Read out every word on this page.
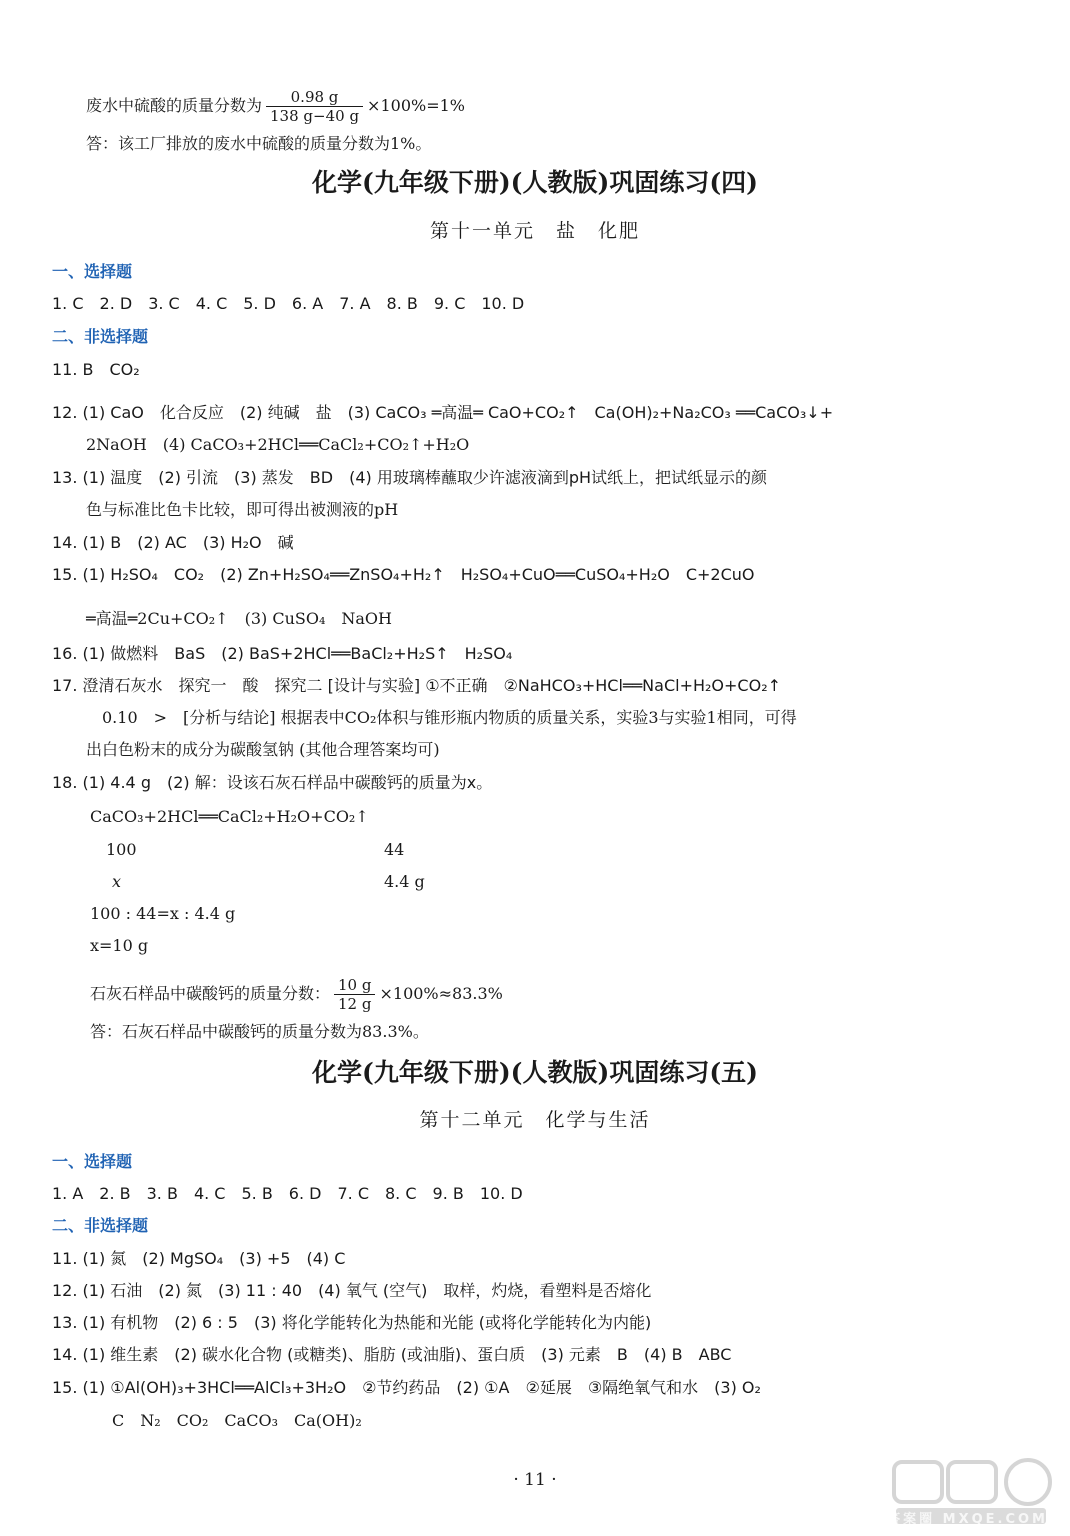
废水中硫酸的质量分数为 $\frac{0.98 g}{138 g-40 g} \times 100\%=1\%$
答：该工厂排放的废水中硫酸的质量分数为1%。
化学(九年级下册)(人教版)巩固练习(四)
第十一单元　盐　化肥
一、选择题
1. C　2. D　3. C　4. C　5. D　6. A　7. A　8. B　9. C　10. D
二、非选择题
11. B　CO₂
12. (1) CaO　化合反应　(2) 纯碱　盐　(3) CaCO₃ ═高温═ CaO+CO₂↑　Ca(OH)₂+Na₂CO₃ ══CaCO₃↓+
2NaOH　(4) CaCO₃+2HCl══CaCl₂+CO₂↑+H₂O
13. (1) 温度　(2) 引流　(3) 蒸发　BD　(4) 用玻璃棒蘸取少许滤液滴到pH试纸上，把试纸显示的颜
色与标准比色卡比较，即可得出被测液的pH
14. (1) B　(2) AC　(3) H₂O　碱
15. (1) H₂SO₄　CO₂　(2) Zn+H₂SO₄══ZnSO₄+H₂↑　H₂SO₄+CuO══CuSO₄+H₂O　C+2CuO
═高温═2Cu+CO₂↑　(3) CuSO₄　NaOH
16. (1) 做燃料　BaS　(2) BaS+2HCl══BaCl₂+H₂S↑　H₂SO₄
17. 澄清石灰水　探究一　酸　探究二 [设计与实验] ①不正确　②NaHCO₃+HCl══NaCl+H₂O+CO₂↑
0.10　>　[分析与结论] 根据表中CO₂体积与锥形瓶内物质的质量关系，实验3与实验1相同，可得
出白色粉末的成分为碳酸氢钠 (其他合理答案均可)
18. (1) 4.4 g　(2) 解：设该石灰石样品中碳酸钙的质量为x。
CaCO₃+2HCl══CaCl₂+H₂O+CO₂↑
100	44
x	4.4 g
100 : 44=x : 4.4 g
x=10 g
石灰石样品中碳酸钙的质量分数： $\frac{10 g}{12 g} \times 100\%\approx 83.3\%$
答：石灰石样品中碳酸钙的质量分数为83.3%。
化学(九年级下册)(人教版)巩固练习(五)
第十二单元　化学与生活
一、选择题
1. A　2. B　3. B　4. C　5. B　6. D　7. C　8. C　9. B　10. D
二、非选择题
11. (1) 氮　(2) MgSO₄　(3) +5　(4) C
12. (1) 石油　(2) 氮　(3) 11 : 40　(4) 氧气 (空气)　取样，灼烧，看塑料是否熔化
13. (1) 有机物　(2) 6 : 5　(3) 将化学能转化为热能和光能 (或将化学能转化为内能)
14. (1) 维生素　(2) 碳水化合物 (或糖类)、脂肪 (或油脂)、蛋白质　(3) 元素　B　(4) B　ABC
15. (1) ①Al(OH)₃+3HCl══AlCl₃+3H₂O　②节约药品　(2) ①A　②延展　③隔绝氧气和水　(3) O₂
C　N₂　CO₂　CaCO₃　Ca(OH)₂
· 11 ·
答案圈 MXQE.COM
